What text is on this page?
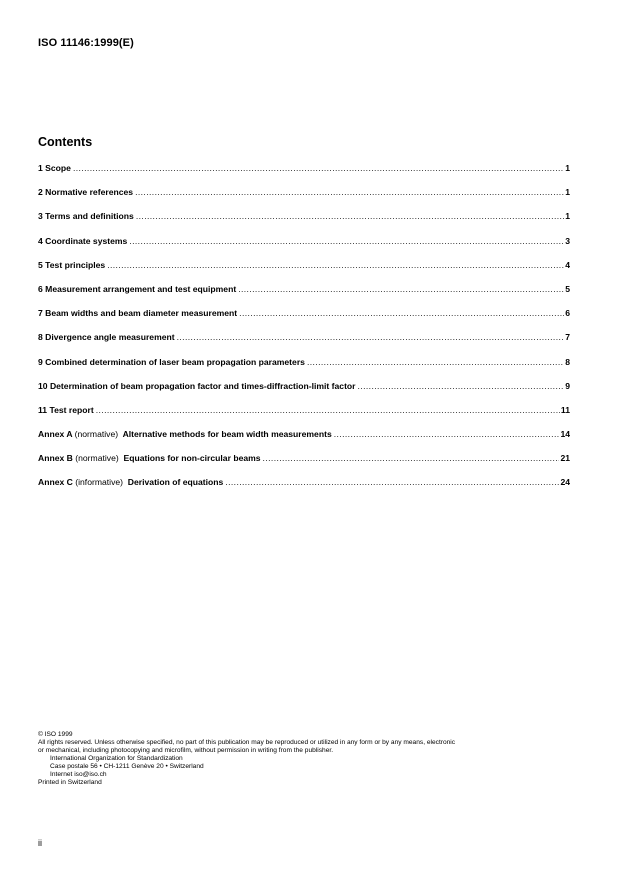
ISO 11146:1999(E)
Contents
1 Scope .....	1
2 Normative references .....	1
3 Terms and definitions .....	1
4 Coordinate systems .....	3
5 Test principles .....	4
6 Measurement arrangement and test equipment .....	5
7 Beam widths and beam diameter measurement .....	6
8 Divergence angle measurement .....	7
9 Combined determination of laser beam propagation parameters .....	8
10 Determination of beam propagation factor and times-diffraction-limit factor .....	9
11 Test report .....	11
Annex A (normative) Alternative methods for beam width measurements .....	14
Annex B (normative) Equations for non-circular beams .....	21
Annex C (informative) Derivation of equations .....	24
© ISO 1999
All rights reserved. Unless otherwise specified, no part of this publication may be reproduced or utilized in any form or by any means, electronic
or mechanical, including photocopying and microfilm, without permission in writing from the publisher.
International Organization for Standardization
Case postale 56 • CH-1211 Genève 20 • Switzerland
Internet iso@iso.ch
Printed in Switzerland
ii
